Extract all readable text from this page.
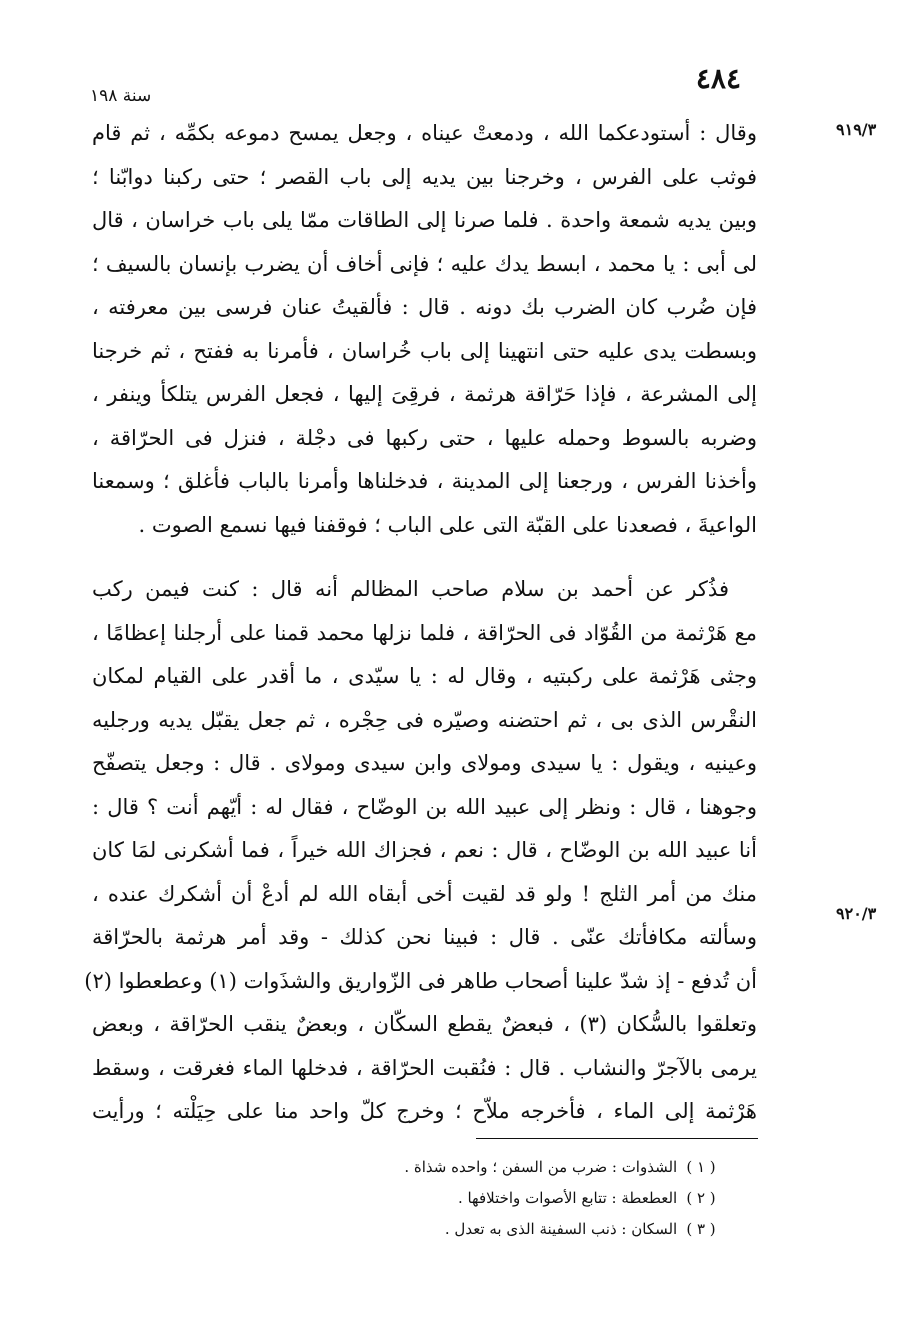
٤٨٤
سنة ١٩٨
٩١٩/٣
٩٢٠/٣
وقال : أستودعكما الله ، ودمعتْ عيناه ، وجعل يمسح دموعه بكمِّه ، ثم قام
فوثب على الفرس ، وخرجنا بين يديه إلى باب القصر ؛ حتى ركبنا دوابّنا ؛
وبين يديه شمعة واحدة . فلما صرنا إلى الطاقات ممّا يلى باب خراسان ، قال
لى أبى : يا محمد ، ابسط يدك عليه ؛ فإنى أخاف أن يضرب بإنسان بالسيف ؛
فإن ضُرب كان الضرب بك دونه . قال : فألقيتُ عنان فرسى بين معرفته ،
وبسطت يدى عليه حتى انتهينا إلى باب خُراسان ، فأمرنا به ففتح ، ثم خرجنا
إلى المشرعة ، فإذا حَرّاقة هرثمة ، فرقِىَ إليها ، فجعل الفرس يتلكأ وينفر ،
وضربه بالسوط وحمله عليها ، حتى ركبها فى دجْلة ، فنزل فى الحرّاقة ،
وأخذنا الفرس ، ورجعنا إلى المدينة ، فدخلناها وأمرنا بالباب فأغلق ؛ وسمعنا
الواعيةَ ، فصعدنا على القبّة التى على الباب ؛ فوقفنا فيها نسمع الصوت .
فذُكر عن أحمد بن سلام صاحب المظالم أنه قال : كنت فيمن ركب
مع هَرْثمة من القُوّاد فى الحرّاقة ، فلما نزلها محمد قمنا على أرجلنا إعظامًا ،
وجثى هَرْثمة على ركبتيه ، وقال له : يا سيّدى ، ما أقدر على القيام لمكان
النقْرس الذى بى ، ثم احتضنه وصيّره فى حِجْره ، ثم جعل يقبّل يديه ورجليه
وعينيه ، ويقول : يا سيدى ومولاى وابن سيدى ومولاى . قال : وجعل يتصفّح
وجوهنا ، قال : ونظر إلى عبيد الله بن الوضّاح ، فقال له : أيّهم أنت ؟ قال :
أنا عبيد الله بن الوضّاح ، قال : نعم ، فجزاك الله خيراً ، فما أشكرنى لمَا كان
منك من أمر الثلج ! ولو قد لقيت أخى أبقاه الله لم أدعْ أن أشكرك عنده ،
وسألته مكافأتك عنّى . قال : فبينا نحن كذلك - وقد أمر هرثمة بالحرّاقة
أن تُدفع - إذ شدّ علينا أصحاب طاهر فى الزّواريق والشذَوات (١) وعطعطوا (٢)
وتعلقوا بالسُّكان (٣) ، فبعضٌ يقطع السكّان ، وبعضٌ ينقب الحرّاقة ، وبعض
يرمى بالآجرّ والنشاب . قال : فنُقبت الحرّاقة ، فدخلها الماء فغرقت ، وسقط
هَرْثمة إلى الماء ، فأخرجه ملاّح ؛ وخرج كلّ واحد منا على حِيَلْته ؛ ورأيت
( ١ ) الشذوات : ضرب من السفن ؛ واحده شذاة .
( ٢ ) العطعطة : تتابع الأصوات واختلافها .
( ٣ ) السكان : ذنب السفينة الذى به تعدل .
